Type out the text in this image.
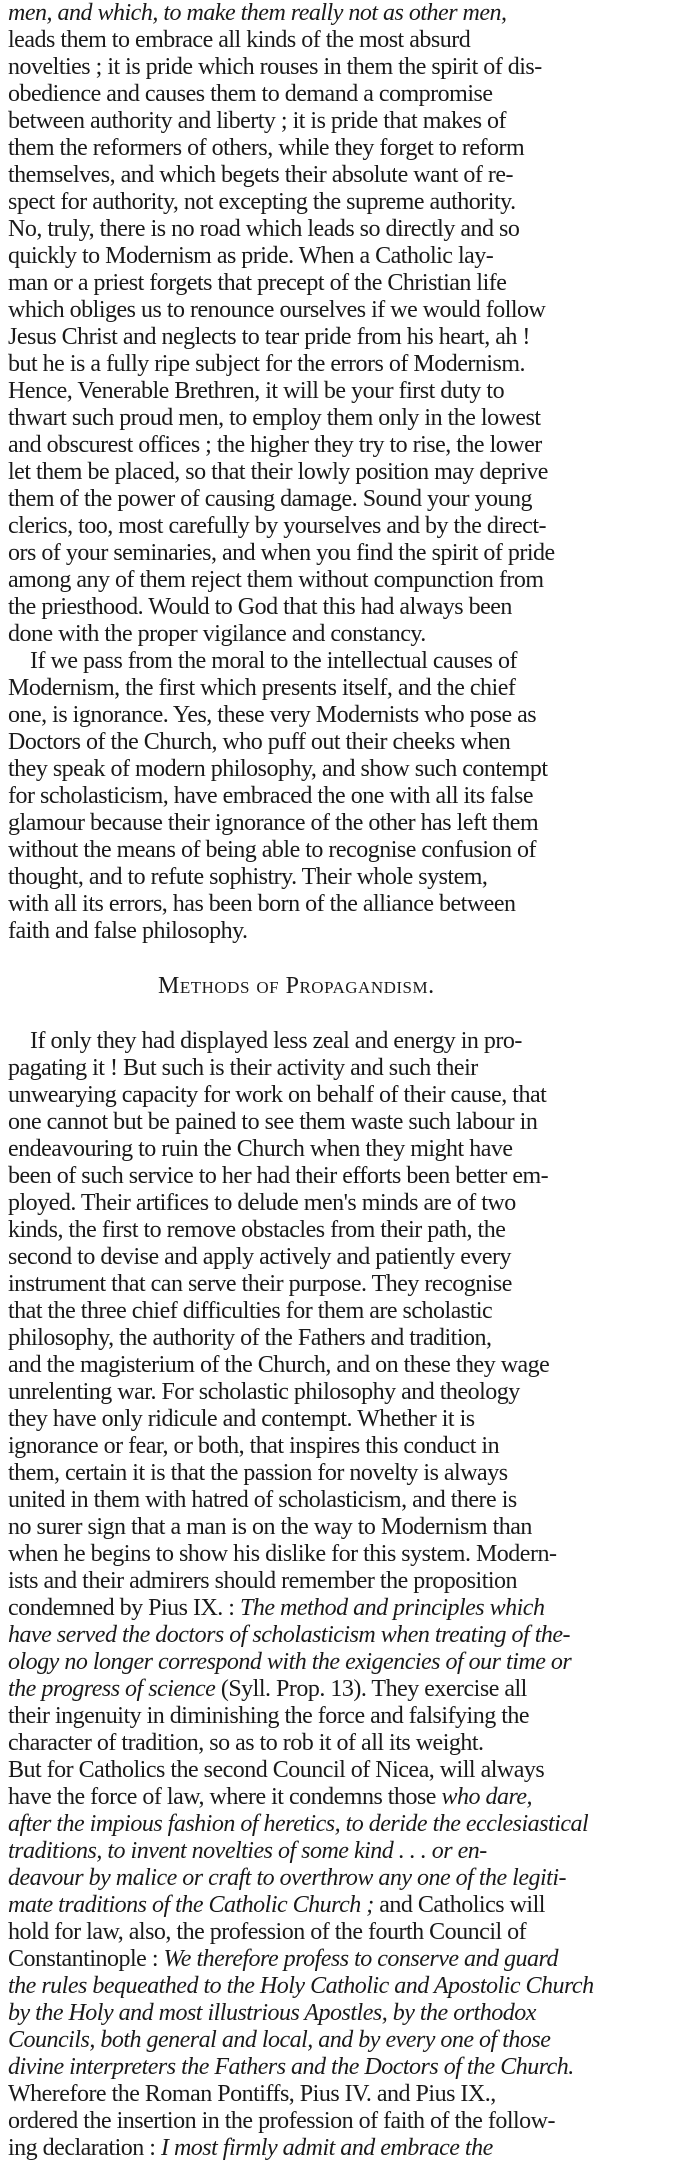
men, and which, to make them really not as other men,
leads them to embrace all kinds of the most absurd
novelties ; it is pride which rouses in them the spirit of dis-
obedience and causes them to demand a compromise
between authority and liberty ; it is pride that makes of
them the reformers of others, while they forget to reform
themselves, and which begets their absolute want of re-
spect for authority, not excepting the supreme authority.
No, truly, there is no road which leads so directly and so
quickly to Modernism as pride. When a Catholic lay-
man or a priest forgets that precept of the Christian life
which obliges us to renounce ourselves if we would follow
Jesus Christ and neglects to tear pride from his heart, ah !
but he is a fully ripe subject for the errors of Modernism.
Hence, Venerable Brethren, it will be your first duty to
thwart such proud men, to employ them only in the lowest
and obscurest offices ; the higher they try to rise, the lower
let them be placed, so that their lowly position may deprive
them of the power of causing damage. Sound your young
clerics, too, most carefully by yourselves and by the direct-
ors of your seminaries, and when you find the spirit of pride
among any of them reject them without compunction from
the priesthood. Would to God that this had always been
done with the proper vigilance and constancy.
If we pass from the moral to the intellectual causes of
Modernism, the first which presents itself, and the chief
one, is ignorance. Yes, these very Modernists who pose as
Doctors of the Church, who puff out their cheeks when
they speak of modern philosophy, and show such contempt
for scholasticism, have embraced the one with all its false
glamour because their ignorance of the other has left them
without the means of being able to recognise confusion of
thought, and to refute sophistry. Their whole system,
with all its errors, has been born of the alliance between
faith and false philosophy.
Methods of Propagandism.
If only they had displayed less zeal and energy in pro-
pagating it ! But such is their activity and such their
unwearying capacity for work on behalf of their cause, that
one cannot but be pained to see them waste such labour in
endeavouring to ruin the Church when they might have
been of such service to her had their efforts been better em-
ployed. Their artifices to delude men's minds are of two
kinds, the first to remove obstacles from their path, the
second to devise and apply actively and patiently every
instrument that can serve their purpose. They recognise
that the three chief difficulties for them are scholastic
philosophy, the authority of the Fathers and tradition,
and the magisterium of the Church, and on these they wage
unrelenting war. For scholastic philosophy and theology
they have only ridicule and contempt. Whether it is
ignorance or fear, or both, that inspires this conduct in
them, certain it is that the passion for novelty is always
united in them with hatred of scholasticism, and there is
no surer sign that a man is on the way to Modernism than
when he begins to show his dislike for this system. Modern-
ists and their admirers should remember the proposition
condemned by Pius IX. : The method and principles which
have served the doctors of scholasticism when treating of the-
ology no longer correspond with the exigencies of our time or
the progress of science (Syll. Prop. 13). They exercise all
their ingenuity in diminishing the force and falsifying the
character of tradition, so as to rob it of all its weight.
But for Catholics the second Council of Nicea, will always
have the force of law, where it condemns those who dare,
after the impious fashion of heretics, to deride the ecclesiastical
traditions, to invent novelties of some kind . . . or en-
deavour by malice or craft to overthrow any one of the legiti-
mate traditions of the Catholic Church ; and Catholics will
hold for law, also, the profession of the fourth Council of
Constantinople : We therefore profess to conserve and guard
the rules bequeathed to the Holy Catholic and Apostolic Church
by the Holy and most illustrious Apostles, by the orthodox
Councils, both general and local, and by every one of those
divine interpreters the Fathers and the Doctors of the Church.
Wherefore the Roman Pontiffs, Pius IV. and Pius IX.,
ordered the insertion in the profession of faith of the follow-
ing declaration : I most firmly admit and embrace the
